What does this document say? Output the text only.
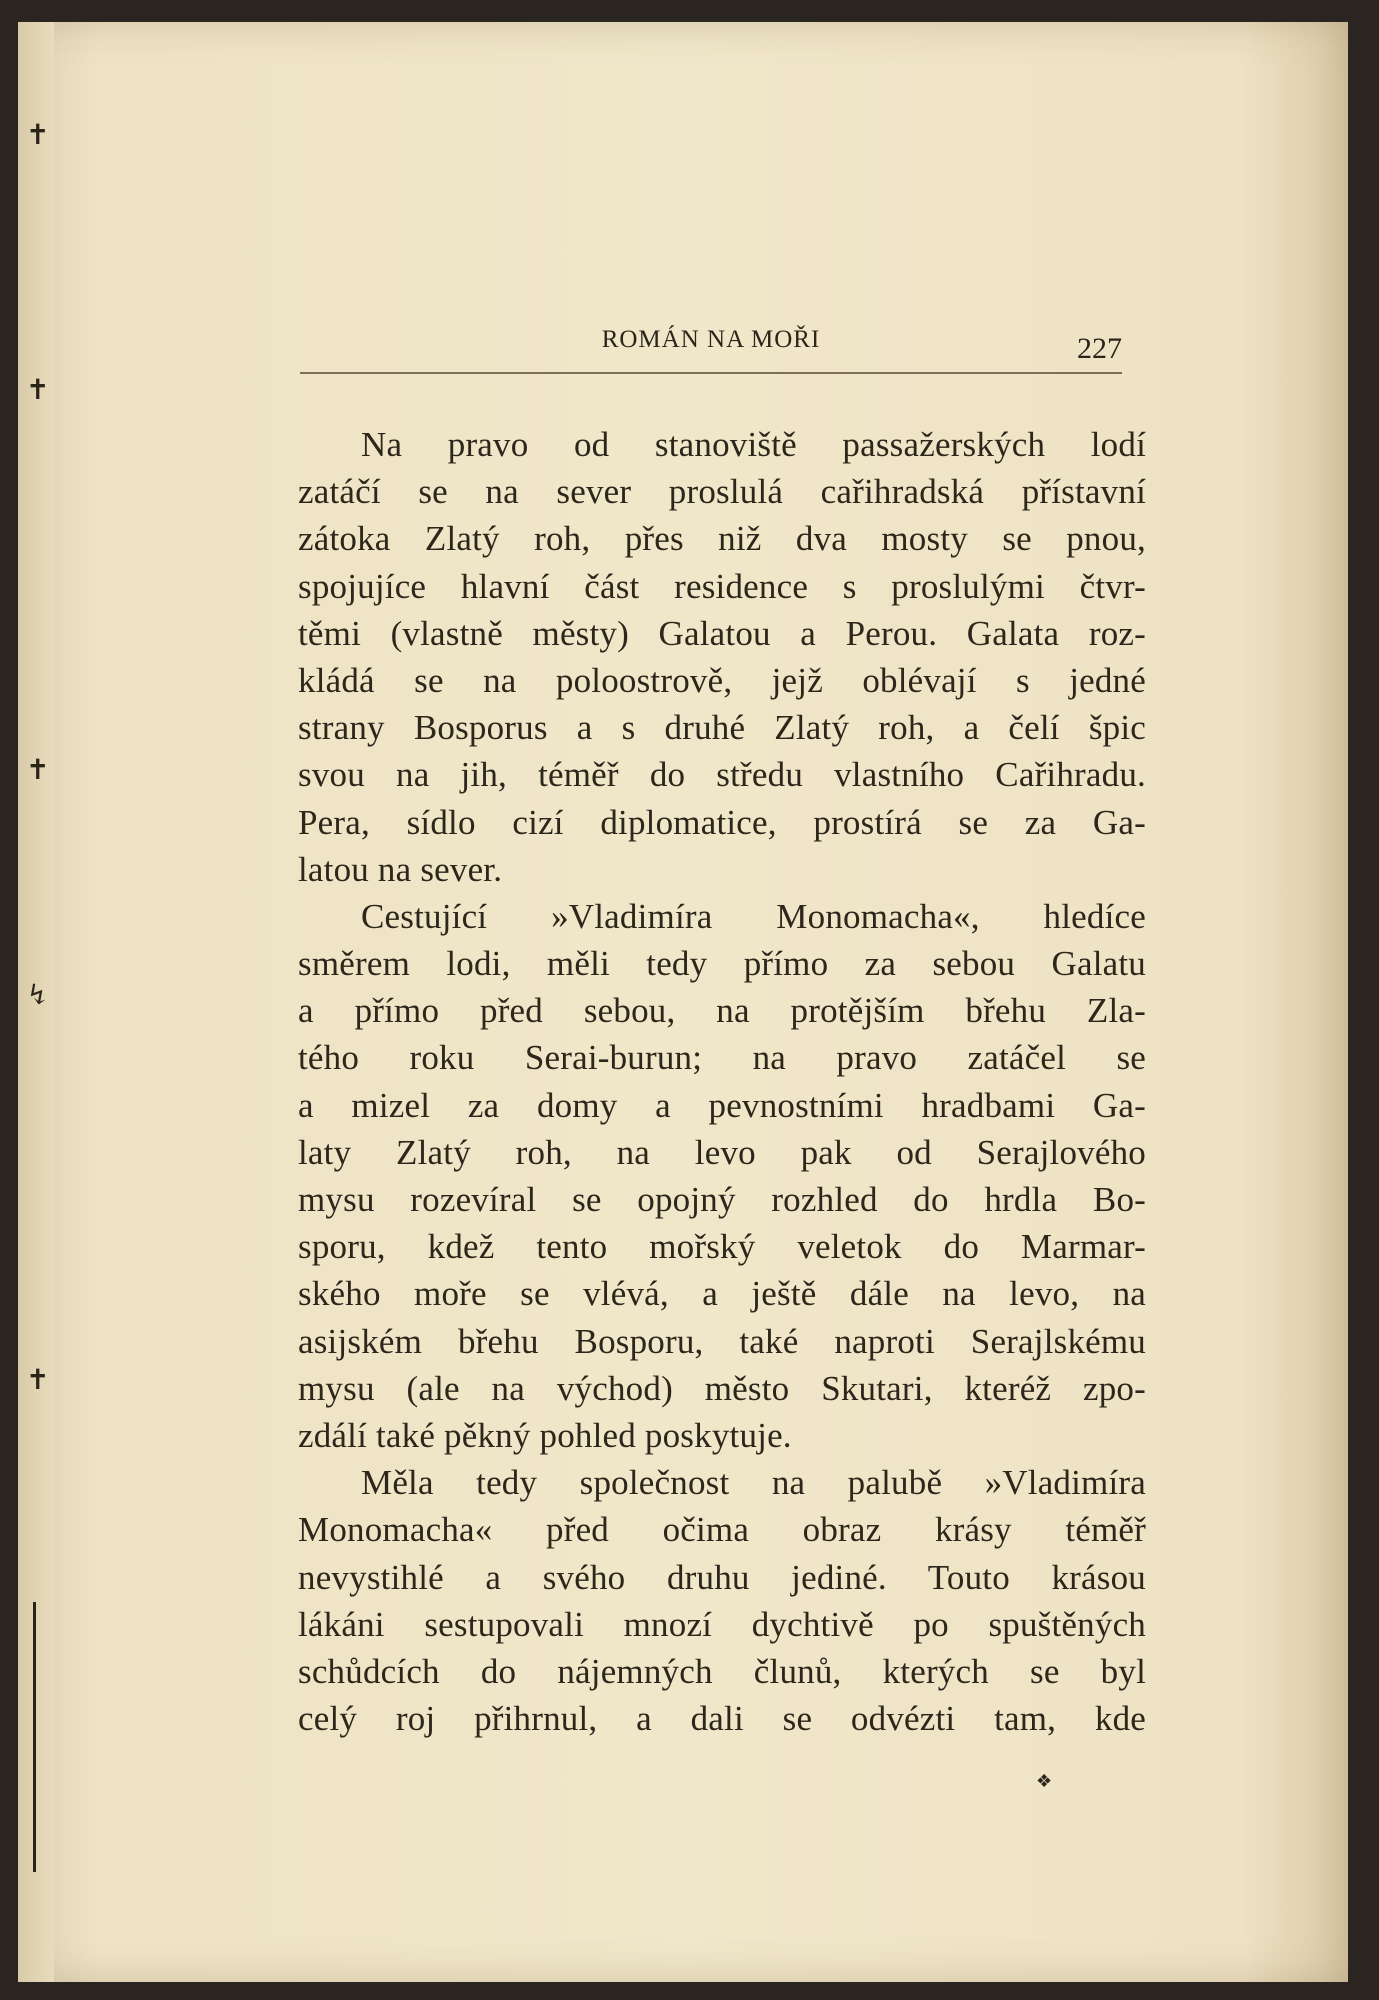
✝
✝
✝
↯
✝
ROMÁN NA MOŘI	227
Na pravo od stanoviště passažerských lodí
zatáčí se na sever proslulá cařihradská přístavní
zátoka Zlatý roh, přes niž dva mosty se pnou,
spojujíce hlavní část residence s proslulými čtvr-
těmi (vlastně městy) Galatou a Perou. Galata roz-
kládá se na poloostrově, jejž oblévají s jedné
strany Bosporus a s druhé Zlatý roh, a čelí špic
svou na jih, téměř do středu vlastního Cařihradu.
Pera, sídlo cizí diplomatice, prostírá se za Ga-
latou na sever.
Cestující »Vladimíra Monomacha«, hledíce
směrem lodi, měli tedy přímo za sebou Galatu
a přímo před sebou, na protějším břehu Zla-
tého roku Serai-burun; na pravo zatáčel se
a mizel za domy a pevnostními hradbami Ga-
laty Zlatý roh, na levo pak od Serajlového
mysu rozevíral se opojný rozhled do hrdla Bo-
sporu, kdež tento mořský veletok do Marmar-
ského moře se vlévá, a ještě dále na levo, na
asijském břehu Bosporu, také naproti Serajlskému
mysu (ale na východ) město Skutari, kteréž zpo-
zdálí také pěkný pohled poskytuje.
Měla tedy společnost na palubě »Vladimíra
Monomacha« před očima obraz krásy téměř
nevystihlé a svého druhu jediné. Touto krásou
lákáni sestupovali mnozí dychtivě po spuštěných
schůdcích do nájemných člunů, kterých se byl
celý roj přihrnul, a dali se odvézti tam, kde
❖
